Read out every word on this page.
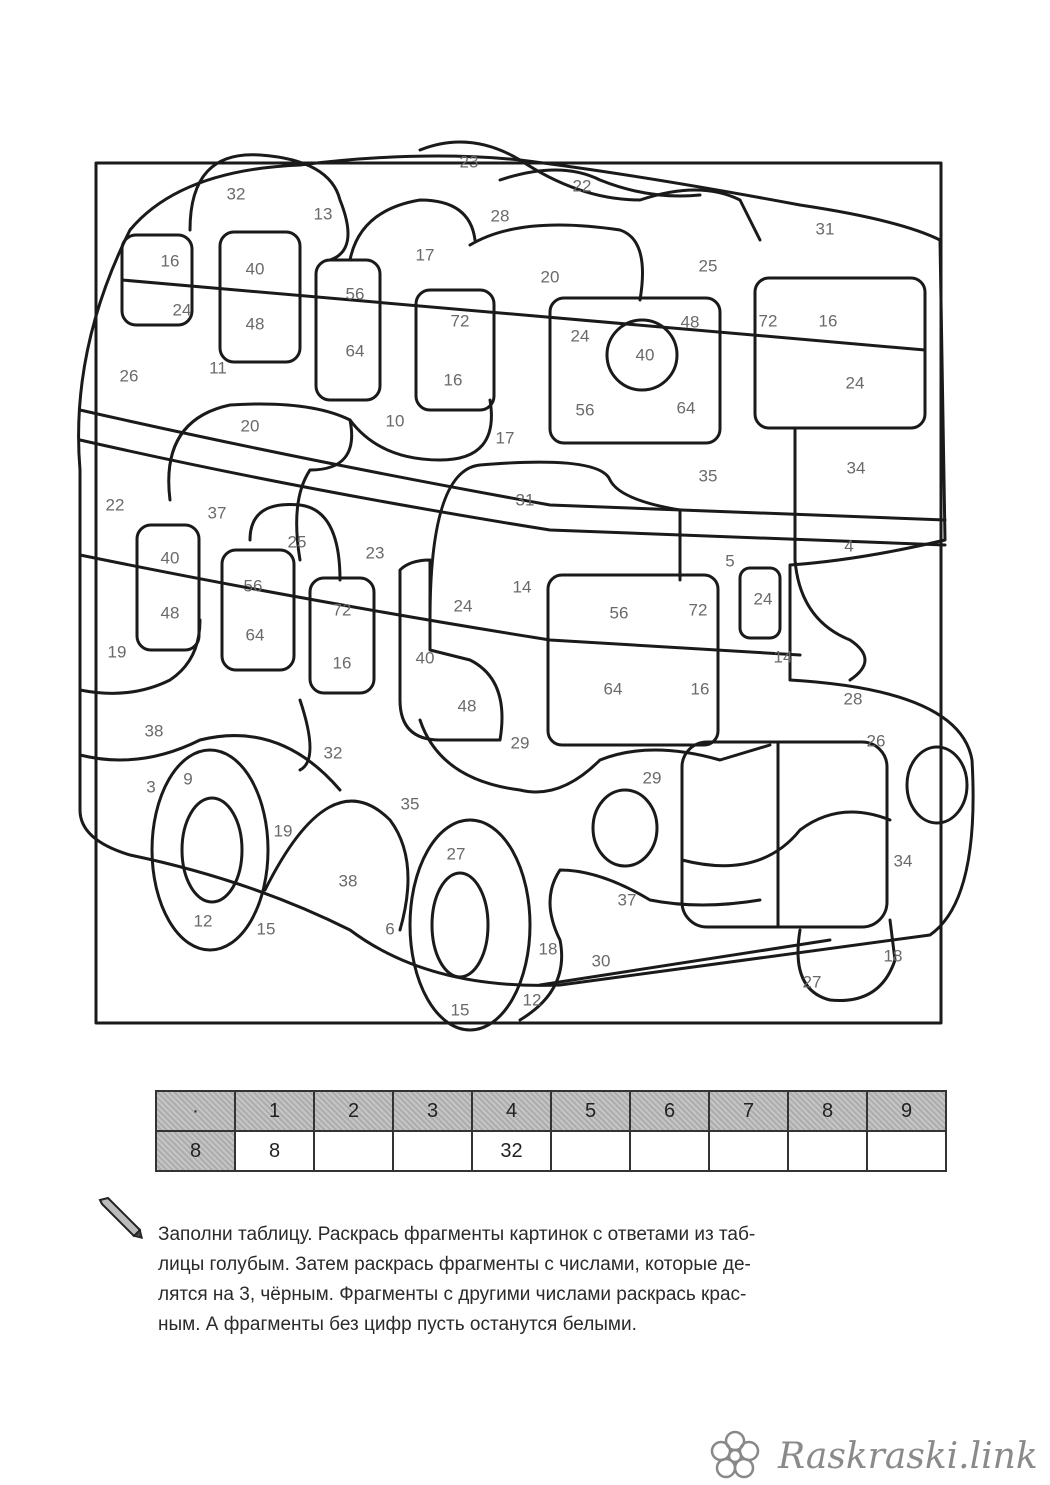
23
22
32
13	28
31
16	40
17
20
25
56
24
48	72
24
48	72 16
40
64
11
26	24
16
56	64
10
20
17
35	34
31
22	37
25
23	5
4
40
56	14
24	56	72
24
48	72
64
19	40	14
16
64	16
28
48
38
29	26
32
29
9
3
35
19
27	34
38
37
12	15	6
18
30	18
27
12
15
·	1	2	3	4	5	6	7	8	9
8	8			32					
Заполни таблицу. Раскрась фрагменты картинок с ответами из таб-
лицы голубым. Затем раскрась фрагменты с числами, которые де-
лятся на 3, чёрным. Фрагменты с другими числами раскрась крас-
ным. А фрагменты без цифр пусть останутся белыми.
Raskraski.link
